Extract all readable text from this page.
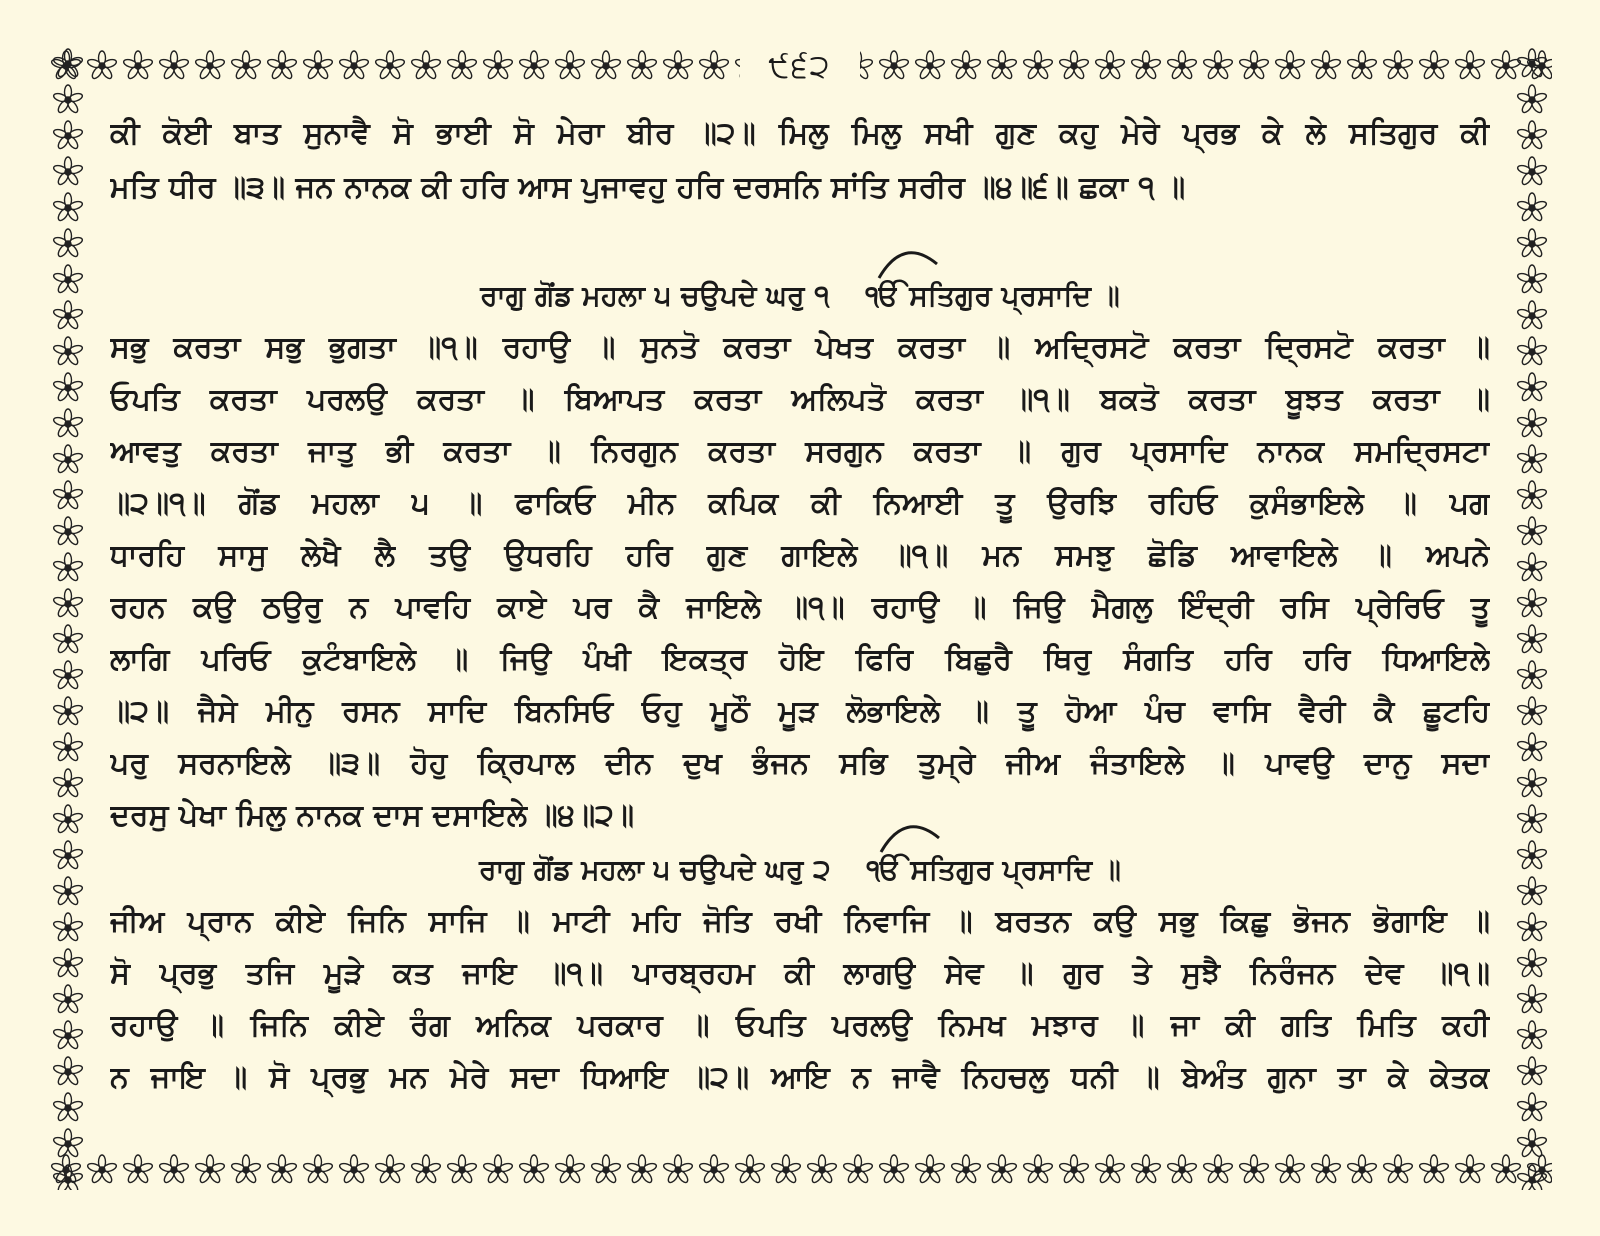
੯੬੨
ਕੀ ਕੋਈ ਬਾਤ ਸੁਨਾਵੈ ਸੋ ਭਾਈ ਸੋ ਮੇਰਾ ਬੀਰ ॥੨॥ ਮਿਲੁ ਮਿਲੁ ਸਖੀ ਗੁਣ ਕਹੁ ਮੇਰੇ ਪ੍ਰਭ ਕੇ ਲੇ ਸਤਿਗੁਰ ਕੀ
ਮਤਿ ਧੀਰ ॥੩॥ ਜਨ ਨਾਨਕ ਕੀ ਹਰਿ ਆਸ ਪੁਜਾਵਹੁ ਹਰਿ ਦਰਸਨਿ ਸਾਂਤਿ ਸਰੀਰ ॥੪॥੬॥ ਛਕਾ ੧ ॥
ਰਾਗੁ ਗੋਂਡ ਮਹਲਾ ੫ ਚਉਪਦੇ ਘਰੁ ੧ ੴ ਸਤਿਗੁਰ ਪ੍ਰਸਾਦਿ ॥
ਸਭੁ ਕਰਤਾ ਸਭੁ ਭੁਗਤਾ ॥੧॥ ਰਹਾਉ ॥ ਸੁਨਤੋ ਕਰਤਾ ਪੇਖਤ ਕਰਤਾ ॥ ਅਦ੍ਰਿਸਟੋ ਕਰਤਾ ਦ੍ਰਿਸਟੋ ਕਰਤਾ ॥
ਓਪਤਿ ਕਰਤਾ ਪਰਲਉ ਕਰਤਾ ॥ ਬਿਆਪਤ ਕਰਤਾ ਅਲਿਪਤੋ ਕਰਤਾ ॥੧॥ ਬਕਤੋ ਕਰਤਾ ਬੂਝਤ ਕਰਤਾ ॥
ਆਵਤੁ ਕਰਤਾ ਜਾਤੁ ਭੀ ਕਰਤਾ ॥ ਨਿਰਗੁਨ ਕਰਤਾ ਸਰਗੁਨ ਕਰਤਾ ॥ ਗੁਰ ਪ੍ਰਸਾਦਿ ਨਾਨਕ ਸਮਦ੍ਰਿਸਟਾ
॥੨॥੧॥ ਗੋਂਡ ਮਹਲਾ ੫ ॥ ਫਾਕਿਓ ਮੀਨ ਕਪਿਕ ਕੀ ਨਿਆਈ ਤੂ ਉਰਝਿ ਰਹਿਓ ਕੁਸੰਭਾਇਲੇ ॥ ਪਗ
ਧਾਰਹਿ ਸਾਸੁ ਲੇਖੈ ਲੈ ਤਉ ਉਧਰਹਿ ਹਰਿ ਗੁਣ ਗਾਇਲੇ ॥੧॥ ਮਨ ਸਮਝੁ ਛੋਡਿ ਆਵਾਇਲੇ ॥ ਅਪਨੇ
ਰਹਨ ਕਉ ਠਉਰੁ ਨ ਪਾਵਹਿ ਕਾਏ ਪਰ ਕੈ ਜਾਇਲੇ ॥੧॥ ਰਹਾਉ ॥ ਜਿਉ ਮੈਗਲੁ ਇੰਦ੍ਰੀ ਰਸਿ ਪ੍ਰੇਰਿਓ ਤੂ
ਲਾਗਿ ਪਰਿਓ ਕੁਟੰਬਾਇਲੇ ॥ ਜਿਉ ਪੰਖੀ ਇਕਤ੍ਰ ਹੋਇ ਫਿਰਿ ਬਿਛੁਰੈ ਥਿਰੁ ਸੰਗਤਿ ਹਰਿ ਹਰਿ ਧਿਆਇਲੇ
॥੨॥ ਜੈਸੇ ਮੀਨੁ ਰਸਨ ਸਾਦਿ ਬਿਨਸਿਓ ਓਹੁ ਮੂਠੌ ਮੂੜ ਲੋਭਾਇਲੇ ॥ ਤੂ ਹੋਆ ਪੰਚ ਵਾਸਿ ਵੈਰੀ ਕੈ ਛੂਟਹਿ
ਪਰੁ ਸਰਨਾਇਲੇ ॥੩॥ ਹੋਹੁ ਕ੍ਰਿਪਾਲ ਦੀਨ ਦੁਖ ਭੰਜਨ ਸਭਿ ਤੁਮ੍ਰੇ ਜੀਅ ਜੰਤਾਇਲੇ ॥ ਪਾਵਉ ਦਾਨੁ ਸਦਾ
ਦਰਸੁ ਪੇਖਾ ਮਿਲੁ ਨਾਨਕ ਦਾਸ ਦਸਾਇਲੇ ॥੪॥੨॥
ਰਾਗੁ ਗੋਂਡ ਮਹਲਾ ੫ ਚਉਪਦੇ ਘਰੁ ੨ ੴ ਸਤਿਗੁਰ ਪ੍ਰਸਾਦਿ ॥
ਜੀਅ ਪ੍ਰਾਨ ਕੀਏ ਜਿਨਿ ਸਾਜਿ ॥ ਮਾਟੀ ਮਹਿ ਜੋਤਿ ਰਖੀ ਨਿਵਾਜਿ ॥ ਬਰਤਨ ਕਉ ਸਭੁ ਕਿਛੁ ਭੋਜਨ ਭੋਗਾਇ ॥
ਸੋ ਪ੍ਰਭੁ ਤਜਿ ਮੂੜੇ ਕਤ ਜਾਇ ॥੧॥ ਪਾਰਬ੍ਰਹਮ ਕੀ ਲਾਗਉ ਸੇਵ ॥ ਗੁਰ ਤੇ ਸੁਝੈ ਨਿਰੰਜਨ ਦੇਵ ॥੧॥
ਰਹਾਉ ॥ ਜਿਨਿ ਕੀਏ ਰੰਗ ਅਨਿਕ ਪਰਕਾਰ ॥ ਓਪਤਿ ਪਰਲਉ ਨਿਮਖ ਮਝਾਰ ॥ ਜਾ ਕੀ ਗਤਿ ਮਿਤਿ ਕਹੀ
ਨ ਜਾਇ ॥ ਸੋ ਪ੍ਰਭੁ ਮਨ ਮੇਰੇ ਸਦਾ ਧਿਆਇ ॥੨॥ ਆਇ ਨ ਜਾਵੈ ਨਿਹਚਲੁ ਧਨੀ ॥ ਬੇਅੰਤ ਗੁਨਾ ਤਾ ਕੇ ਕੇਤਕ
